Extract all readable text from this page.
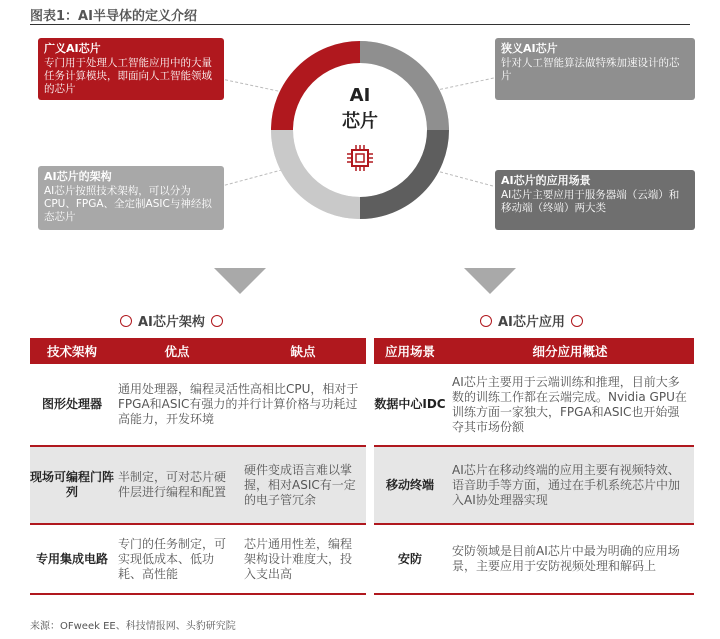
图表1：AI半导体的定义介绍
AI
芯片
广义AI芯片
专门用于处理人工智能应用中的大量任务计算模块，即面向人工智能领域的芯片
狭义AI芯片
针对人工智能算法做特殊加速设计的芯片
AI芯片的架构
AI芯片按照技术架构，可以分为CPU、FPGA、全定制ASIC与神经拟态芯片
AI芯片的应用场景
AI芯片主要应用于服务器端（云端）和移动端（终端）两大类
AI芯片架构	AI芯片应用
技术架构	优点	缺点
图形处理器	通用处理器，编程灵活性高相比CPU，相对于FPGA和ASIC有强力的并行计算价格与功耗过高能力，开发环境	
现场可编程门阵列	半制定，可对芯片硬件层进行编程和配置	硬件变成语言难以掌握，相对ASIC有一定的电子管冗余
专用集成电路	专门的任务制定，可实现低成本、低功耗、高性能	芯片通用性差，编程架构设计难度大，投入支出高
应用场景	细分应用概述
数据中心IDC	AI芯片主要用于云端训练和推理，目前大多数的训练工作都在云端完成。Nvidia GPU在训练方面一家独大，FPGA和ASIC也开始强夺其市场份额
移动终端	AI芯片在移动终端的应用主要有视频特效、语音助手等方面，通过在手机系统芯片中加入AI协处理器实现
安防	安防领域是目前AI芯片中最为明确的应用场景，主要应用于安防视频处理和解码上
来源：OFweek EE、科技情报网、头豹研究院
